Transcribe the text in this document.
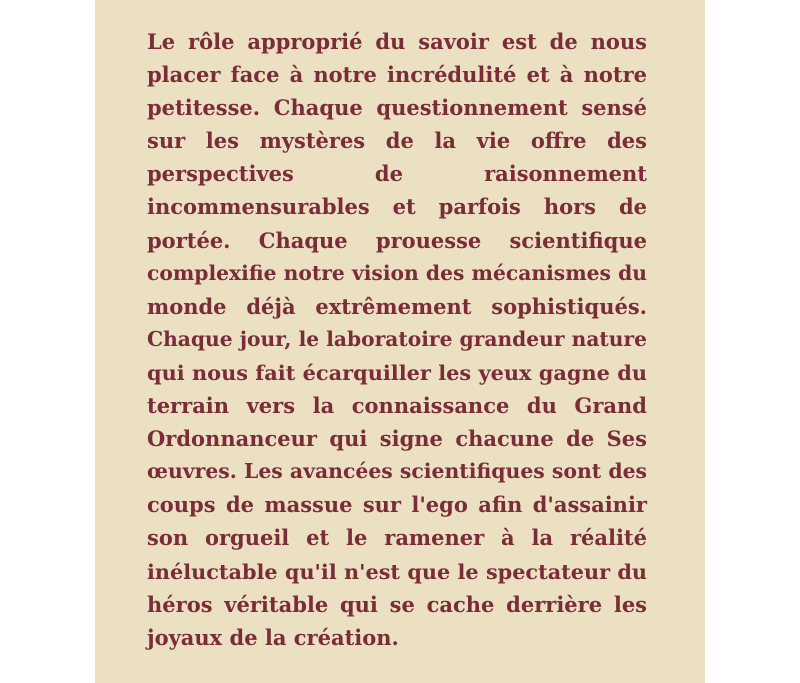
Le rôle approprié du savoir est de nous
placer face à notre incrédulité et à notre
petitesse. Chaque questionnement sensé
sur les mystères de la vie offre des
perspectives de raisonnement
incommensurables et parfois hors de
portée. Chaque prouesse scientifique
complexifie notre vision des mécanismes du
monde déjà extrêmement sophistiqués.
Chaque jour, le laboratoire grandeur nature
qui nous fait écarquiller les yeux gagne du
terrain vers la connaissance du Grand
Ordonnanceur qui signe chacune de Ses
œuvres. Les avancées scientifiques sont des
coups de massue sur l'ego afin d'assainir
son orgueil et le ramener à la réalité
inéluctable qu'il n'est que le spectateur du
héros véritable qui se cache derrière les
joyaux de la création.
